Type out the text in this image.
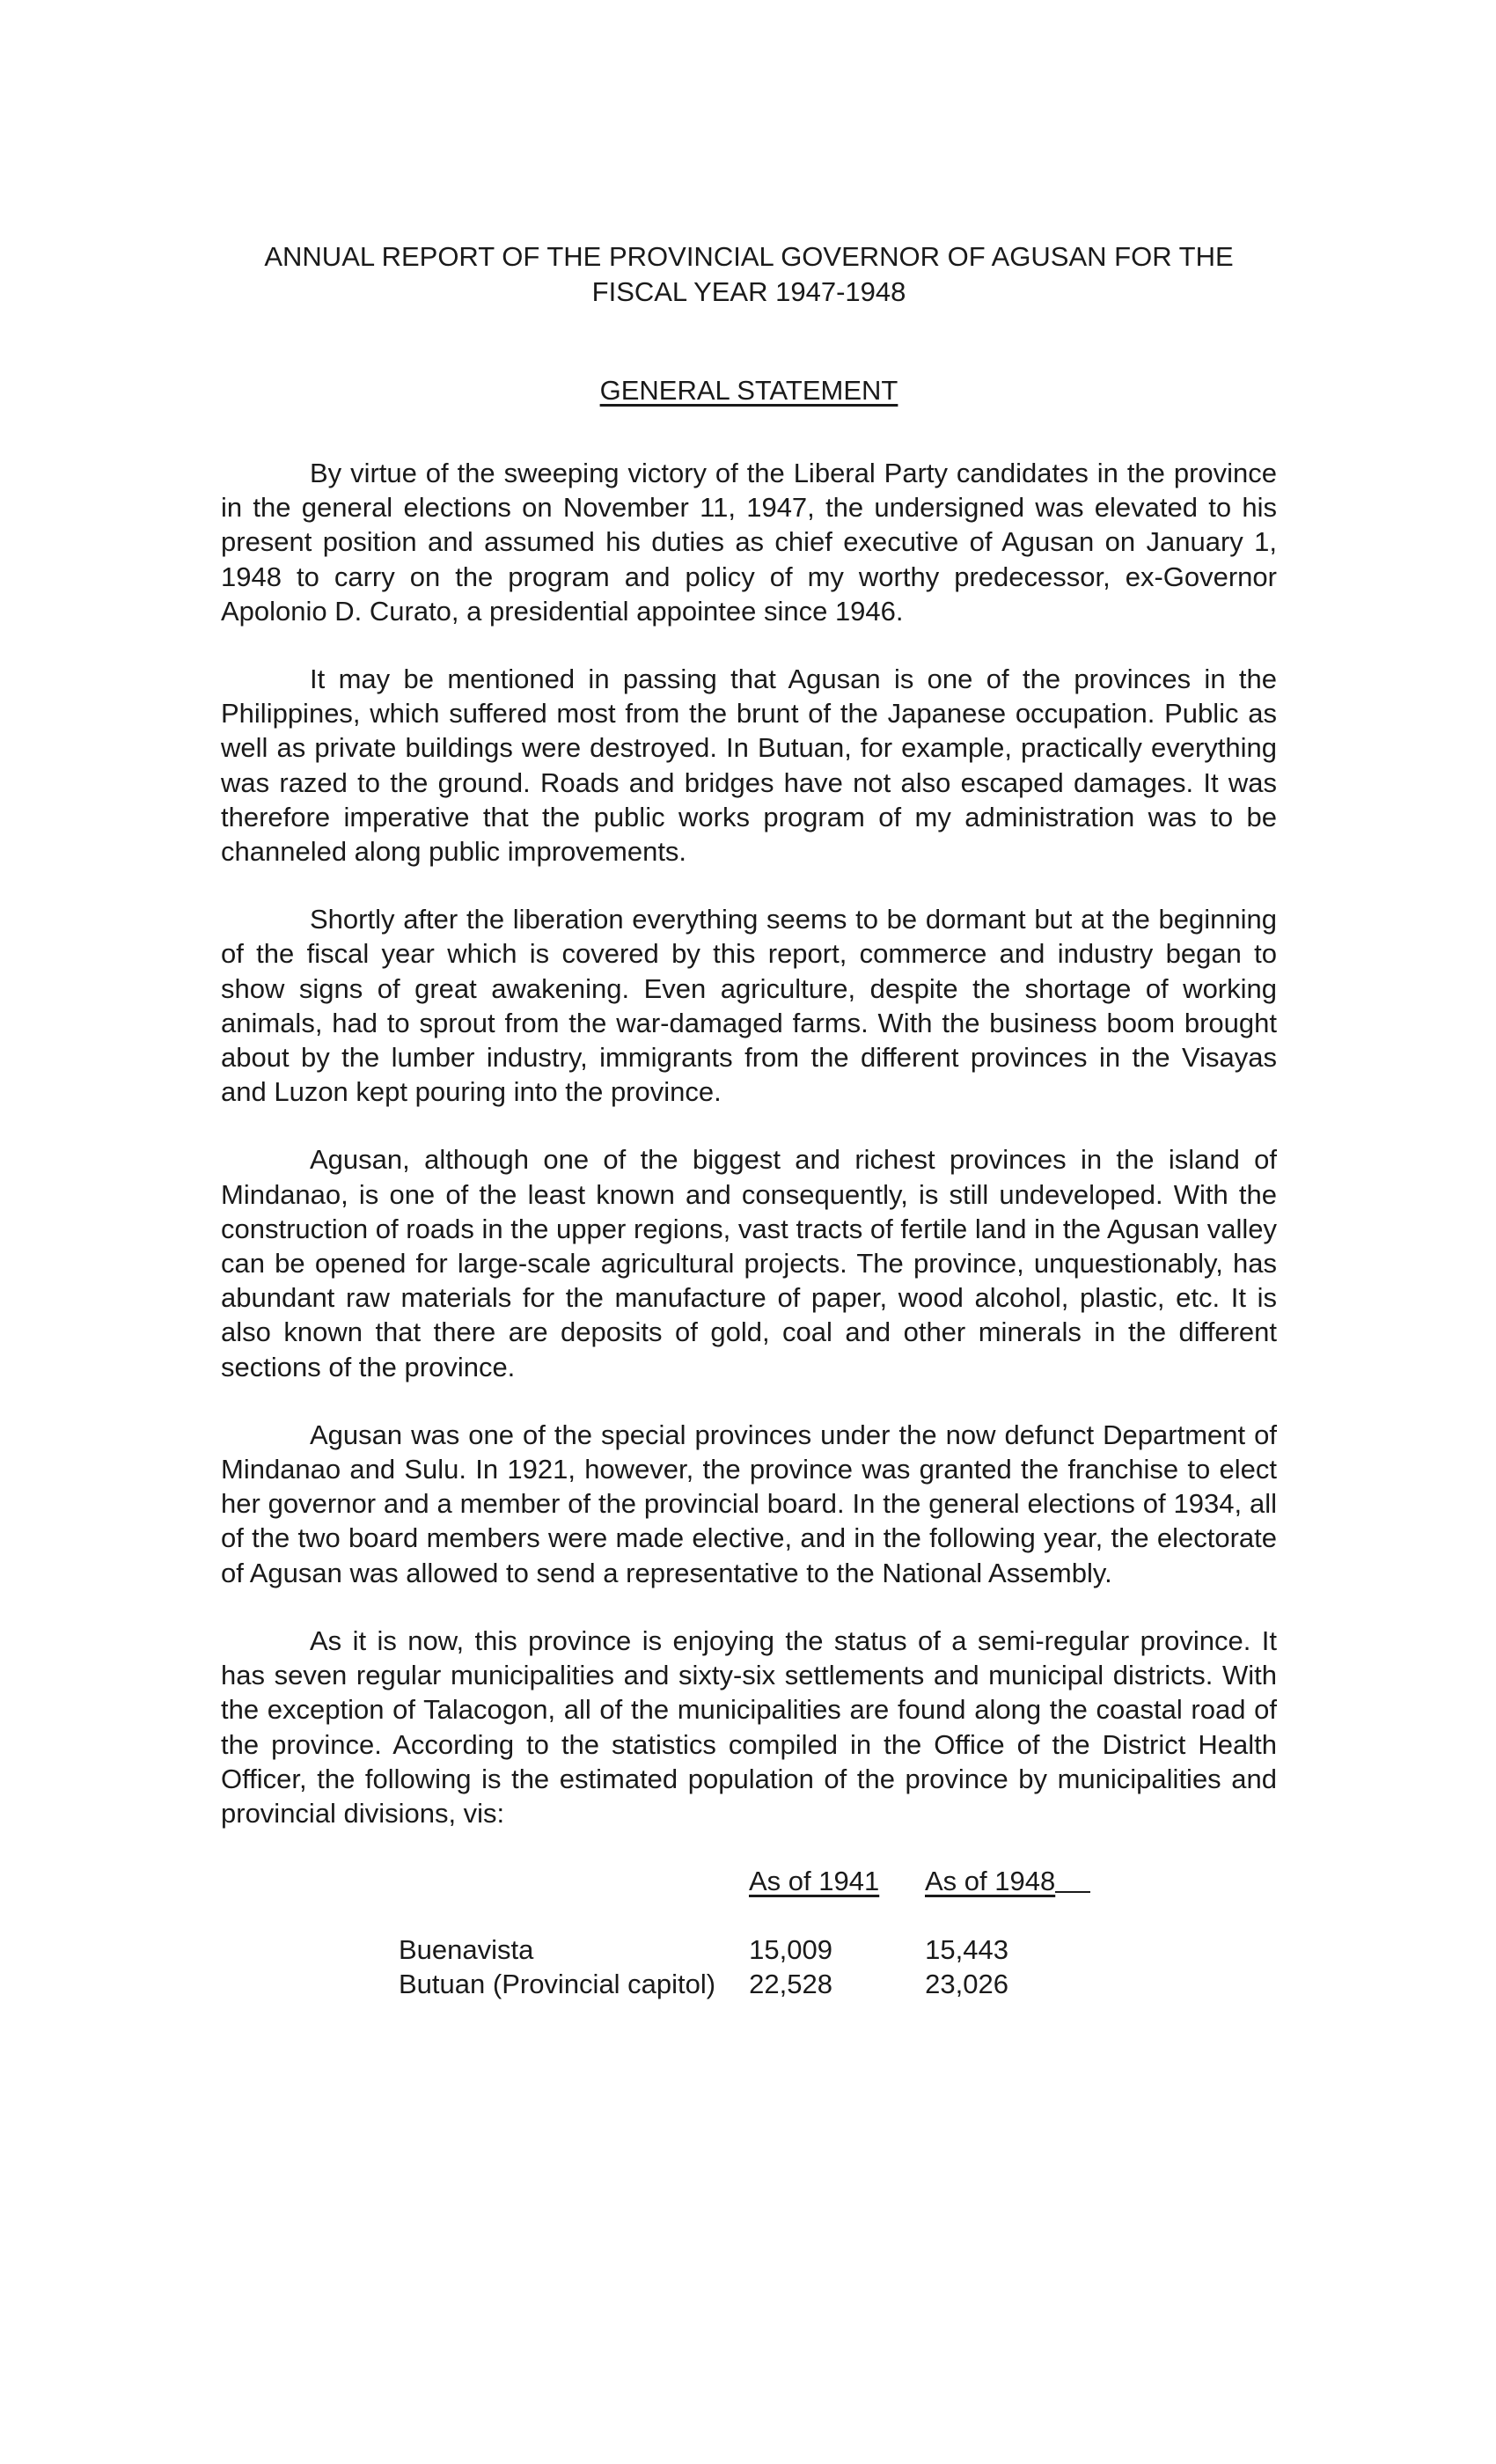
ANNUAL REPORT OF THE PROVINCIAL GOVERNOR OF AGUSAN FOR THE
FISCAL YEAR 1947-1948
GENERAL STATEMENT

By virtue of the sweeping victory of the Liberal Party candidates in the province in the general elections on November 11, 1947, the undersigned was elevated to his present position and assumed his duties as chief executive of Agusan on January 1, 1948 to carry on the program and policy of my worthy predecessor, ex-Governor Apolonio D. Curato, a presidential appointee since 1946.

It may be mentioned in passing that Agusan is one of the provinces in the Philippines, which suffered most from the brunt of the Japanese occupation. Public as well as private buildings were destroyed. In Butuan, for example, practically everything was razed to the ground. Roads and bridges have not also escaped damages. It was therefore imperative that the public works program of my administration was to be channeled along public improvements.

Shortly after the liberation everything seems to be dormant but at the beginning of the fiscal year which is covered by this report, commerce and industry began to show signs of great awakening. Even agriculture, despite the shortage of working animals, had to sprout from the war-damaged farms. With the business boom brought about by the lumber industry, immigrants from the different provinces in the Visayas and Luzon kept pouring into the province.

Agusan, although one of the biggest and richest provinces in the island of Mindanao, is one of the least known and consequently, is still undeveloped. With the construction of roads in the upper regions, vast tracts of fertile land in the Agusan valley can be opened for large-scale agricultural projects. The province, unquestionably, has abundant raw materials for the manufacture of paper, wood alcohol, plastic, etc. It is also known that there are deposits of gold, coal and other minerals in the different sections of the province.

Agusan was one of the special provinces under the now defunct Department of Mindanao and Sulu. In 1921, however, the province was granted the franchise to elect her governor and a member of the provincial board. In the general elections of 1934, all of the two board members were made elective, and in the following year, the electorate of Agusan was allowed to send a representative to the National Assembly.

As it is now, this province is enjoying the status of a semi-regular province. It has seven regular municipalities and sixty-six settlements and municipal districts. With the exception of Talacogon, all of the municipalities are found along the coastal road of the province. According to the statistics compiled in the Office of the District Health Officer, the following is the estimated population of the province by municipalities and provincial divisions, vis:

As of 1941 As of 1948
Buenavista	15,009	15,443
Butuan (Provincial capitol) 22,528	23,026
